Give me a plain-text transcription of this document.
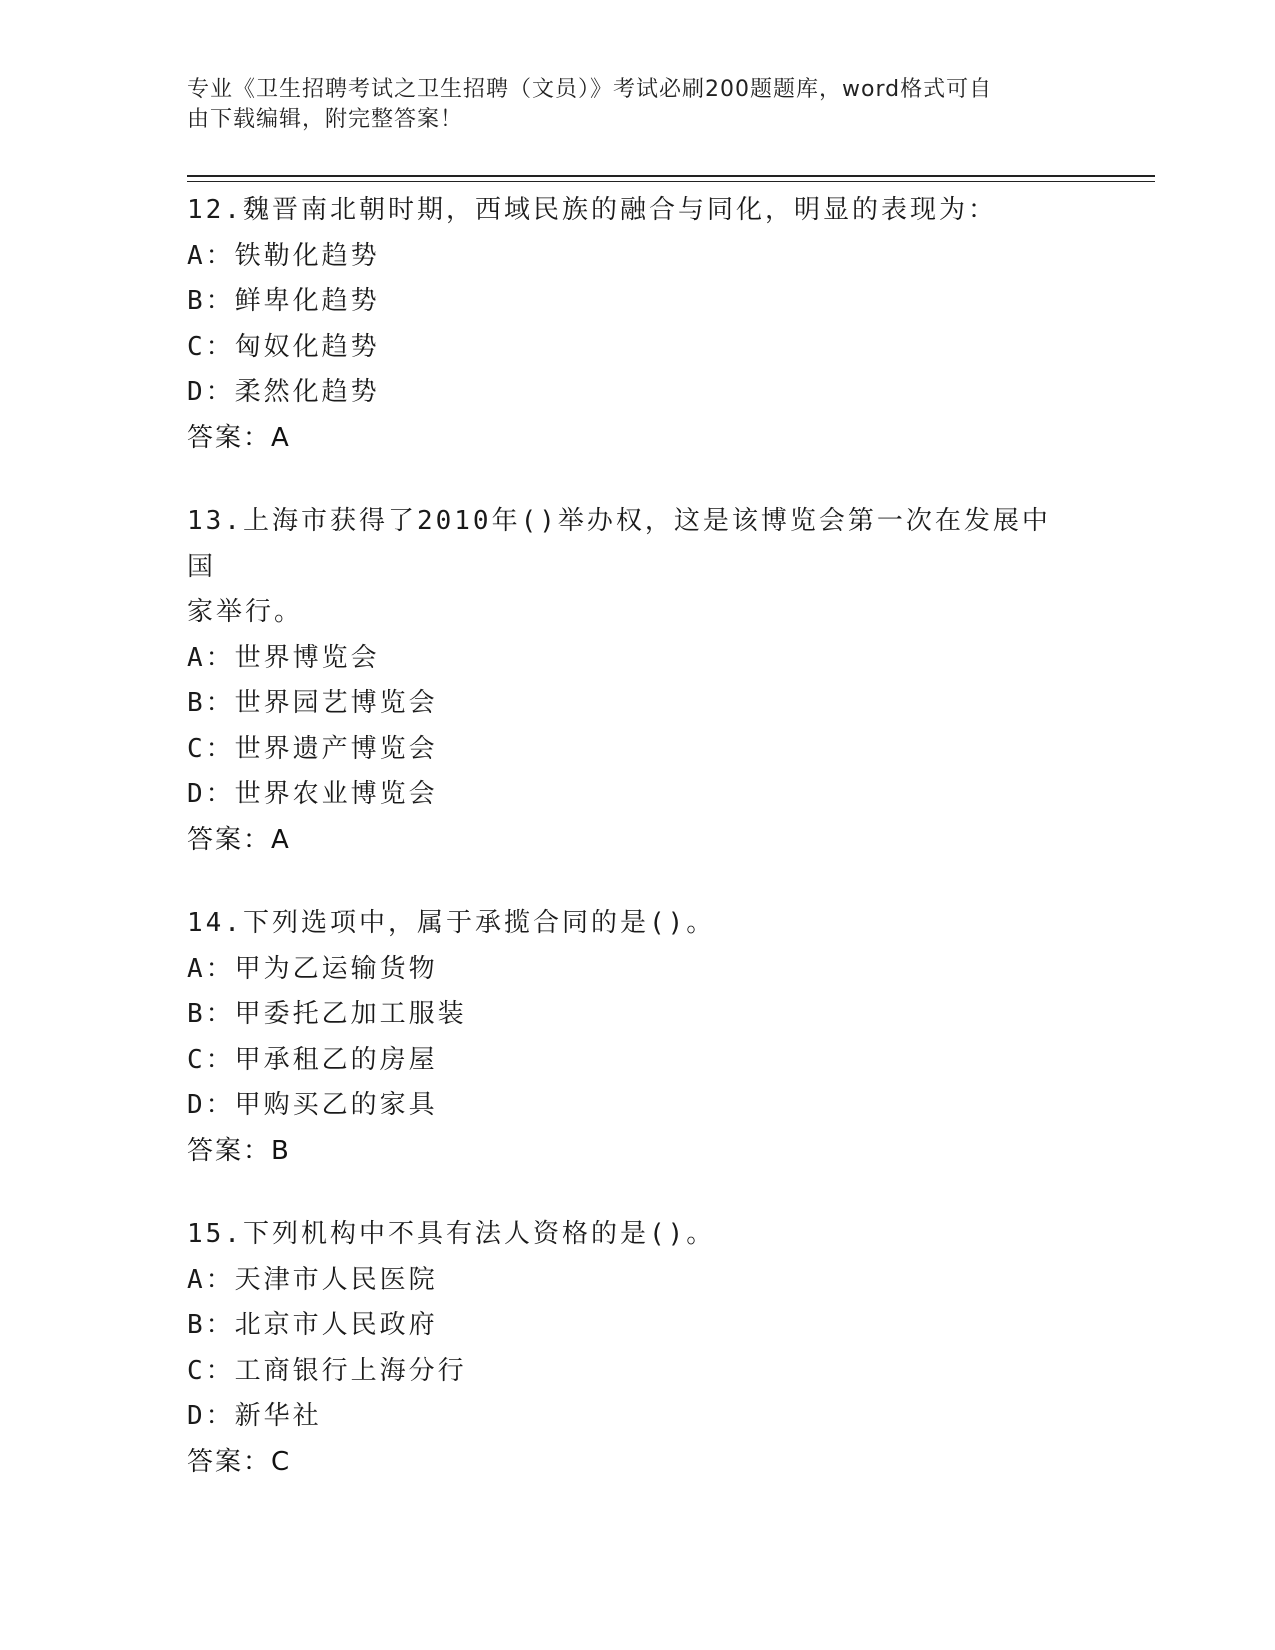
专业《卫生招聘考试之卫生招聘（文员）》考试必刷200题题库，word格式可自
由下载编辑，附完整答案！
12.魏晋南北朝时期，西域民族的融合与同化，明显的表现为：
A：铁勒化趋势
B：鲜卑化趋势
C：匈奴化趋势
D：柔然化趋势
答案：A
13.上海市获得了2010年()举办权，这是该博览会第一次在发展中国
家举行。
A：世界博览会
B：世界园艺博览会
C：世界遗产博览会
D：世界农业博览会
答案：A
14.下列选项中，属于承揽合同的是()。
A：甲为乙运输货物
B：甲委托乙加工服装
C：甲承租乙的房屋
D：甲购买乙的家具
答案：B
15.下列机构中不具有法人资格的是()。
A：天津市人民医院
B：北京市人民政府
C：工商银行上海分行
D：新华社
答案：C
